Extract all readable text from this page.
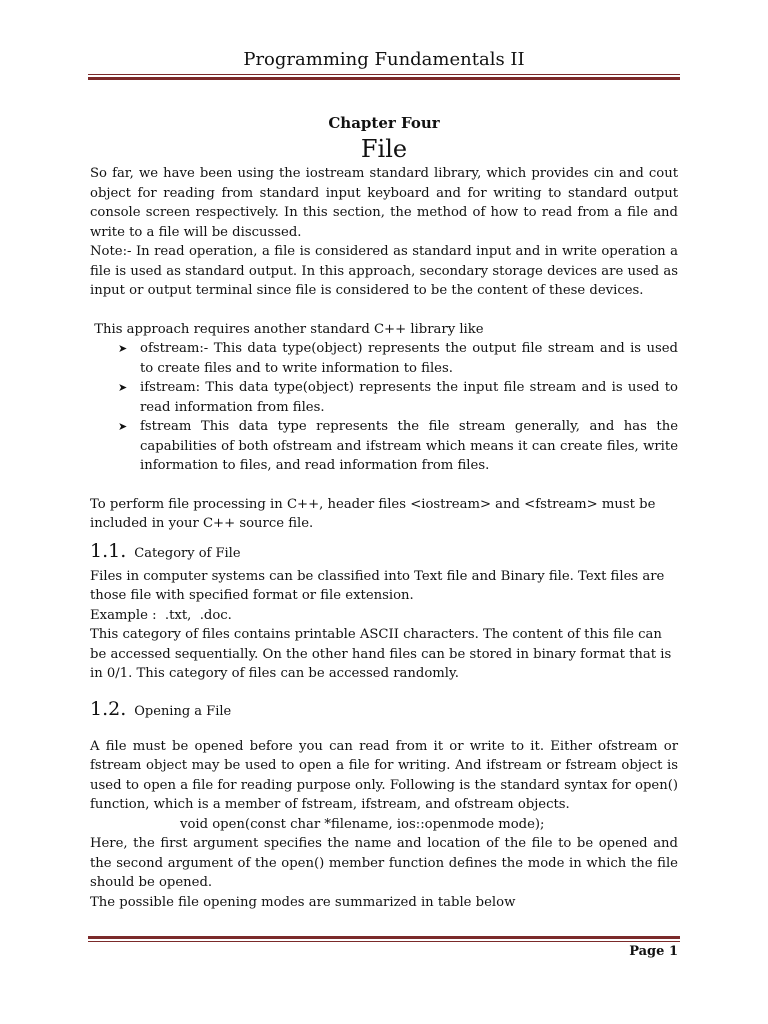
Programming Fundamentals II
Chapter Four
File

So far, we have been using the iostream standard library, which provides cin and cout object for reading from standard input keyboard and for writing to standard output console screen respectively. In this section, the method of how to read from a file and write to a file will be discussed.

Note:- In read operation, a file is considered as standard input and in write operation a file is used as standard output. In this approach, secondary storage devices are used as input or output terminal since file is considered to be the content of these devices.

This approach requires another standard C++ library like

➤ ofstream:- This data type(object) represents the output file stream and is used to create files and to write information to files.
➤ ifstream: This data type(object) represents the input file stream and is used to read information from files.
➤ fstream This data type represents the file stream generally, and has the capabilities of both ofstream and ifstream which means it can create files, write information to files, and read information from files.

To perform file processing in C++, header files <iostream> and <fstream> must be included in your C++ source file.

1.1. Category of File

Files in computer systems can be classified into Text file and Binary file. Text files are those file with specified format or file extension.

Example :  .txt,  .doc.

This category of files contains printable ASCII characters. The content of this file can be accessed sequentially. On the other hand files can be stored in binary format that is in 0/1. This category of files can be accessed randomly.

1.2. Opening a File

A file must be opened before you can read from it or write to it. Either ofstream or fstream object may be used to open a file for writing. And ifstream or fstream object is used to open a file for reading purpose only. Following is the standard syntax for open() function, which is a member of fstream, ifstream, and ofstream objects.

void open(const char *filename, ios::openmode mode);

Here, the first argument specifies the name and location of the file to be opened and the second argument of the open() member function defines the mode in which the file should be opened.

The possible file opening modes are summarized in table below

Page 1
